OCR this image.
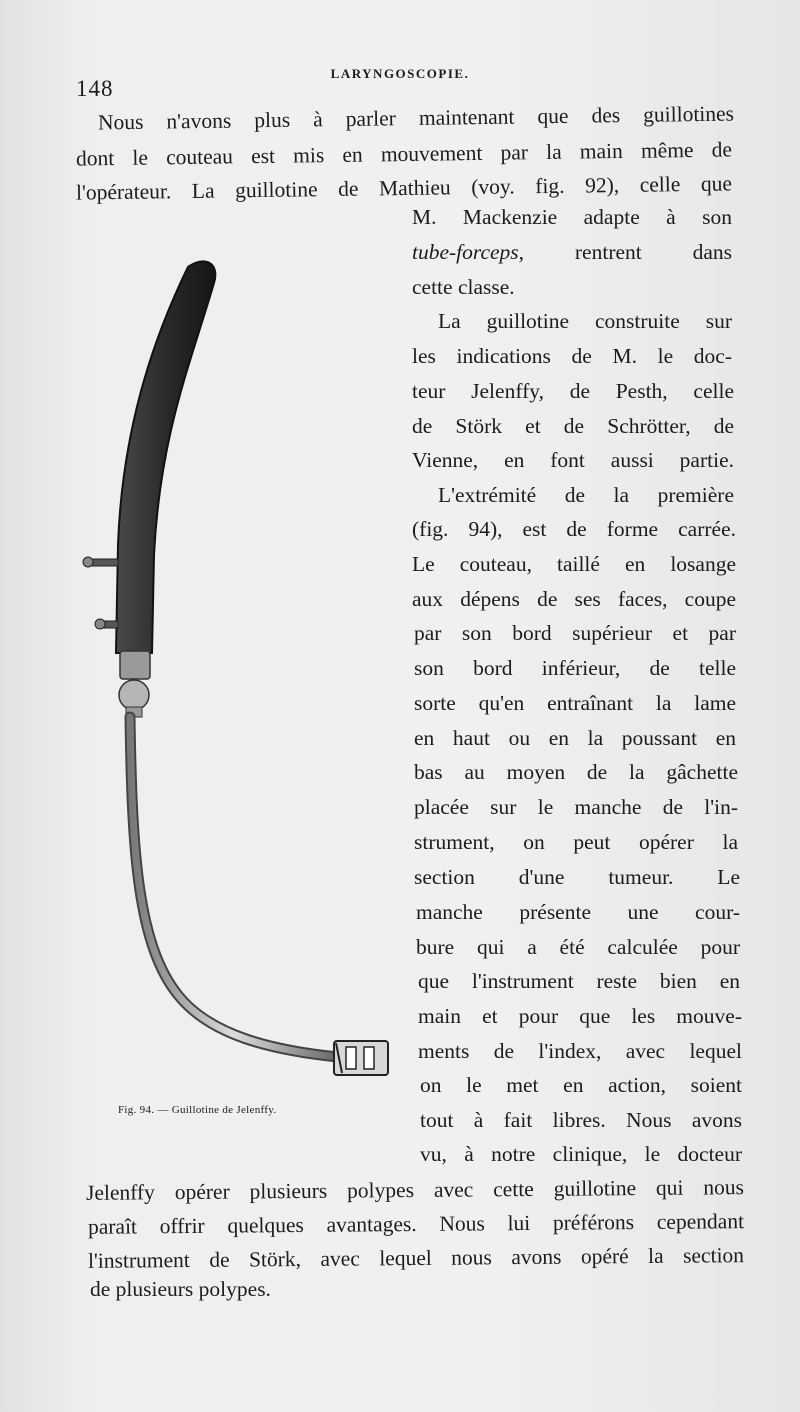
148
LARYNGOSCOPIE.
Nous n'avons plus à parler maintenant que des guillotines
dont le couteau est mis en mouvement par la main même de
l'opérateur. La guillotine de Mathieu (voy. fig. 92), celle que
M. Mackenzie adapte à son
tube-forceps, rentrent dans
cette classe.
La guillotine construite sur
les indications de M. le doc-
teur Jelenffy, de Pesth, celle
de Störk et de Schrötter, de
Vienne, en font aussi partie.
L'extrémité de la première
(fig. 94), est de forme carrée.
Le couteau, taillé en losange
aux dépens de ses faces, coupe
par son bord supérieur et par
son bord inférieur, de telle
sorte qu'en entraînant la lame
en haut ou en la poussant en
bas au moyen de la gâchette
placée sur le manche de l'in-
strument, on peut opérer la
section d'une tumeur. Le
manche présente une cour-
bure qui a été calculée pour
que l'instrument reste bien en
main et pour que les mouve-
ments de l'index, avec lequel
on le met en action, soient
tout à fait libres. Nous avons
vu, à notre clinique, le docteur
Jelenffy opérer plusieurs polypes avec cette guillotine qui nous
paraît offrir quelques avantages. Nous lui préférons cependant
l'instrument de Störk, avec lequel nous avons opéré la section
de plusieurs polypes.
Fig. 94. — Guillotine de Jelenffy.
